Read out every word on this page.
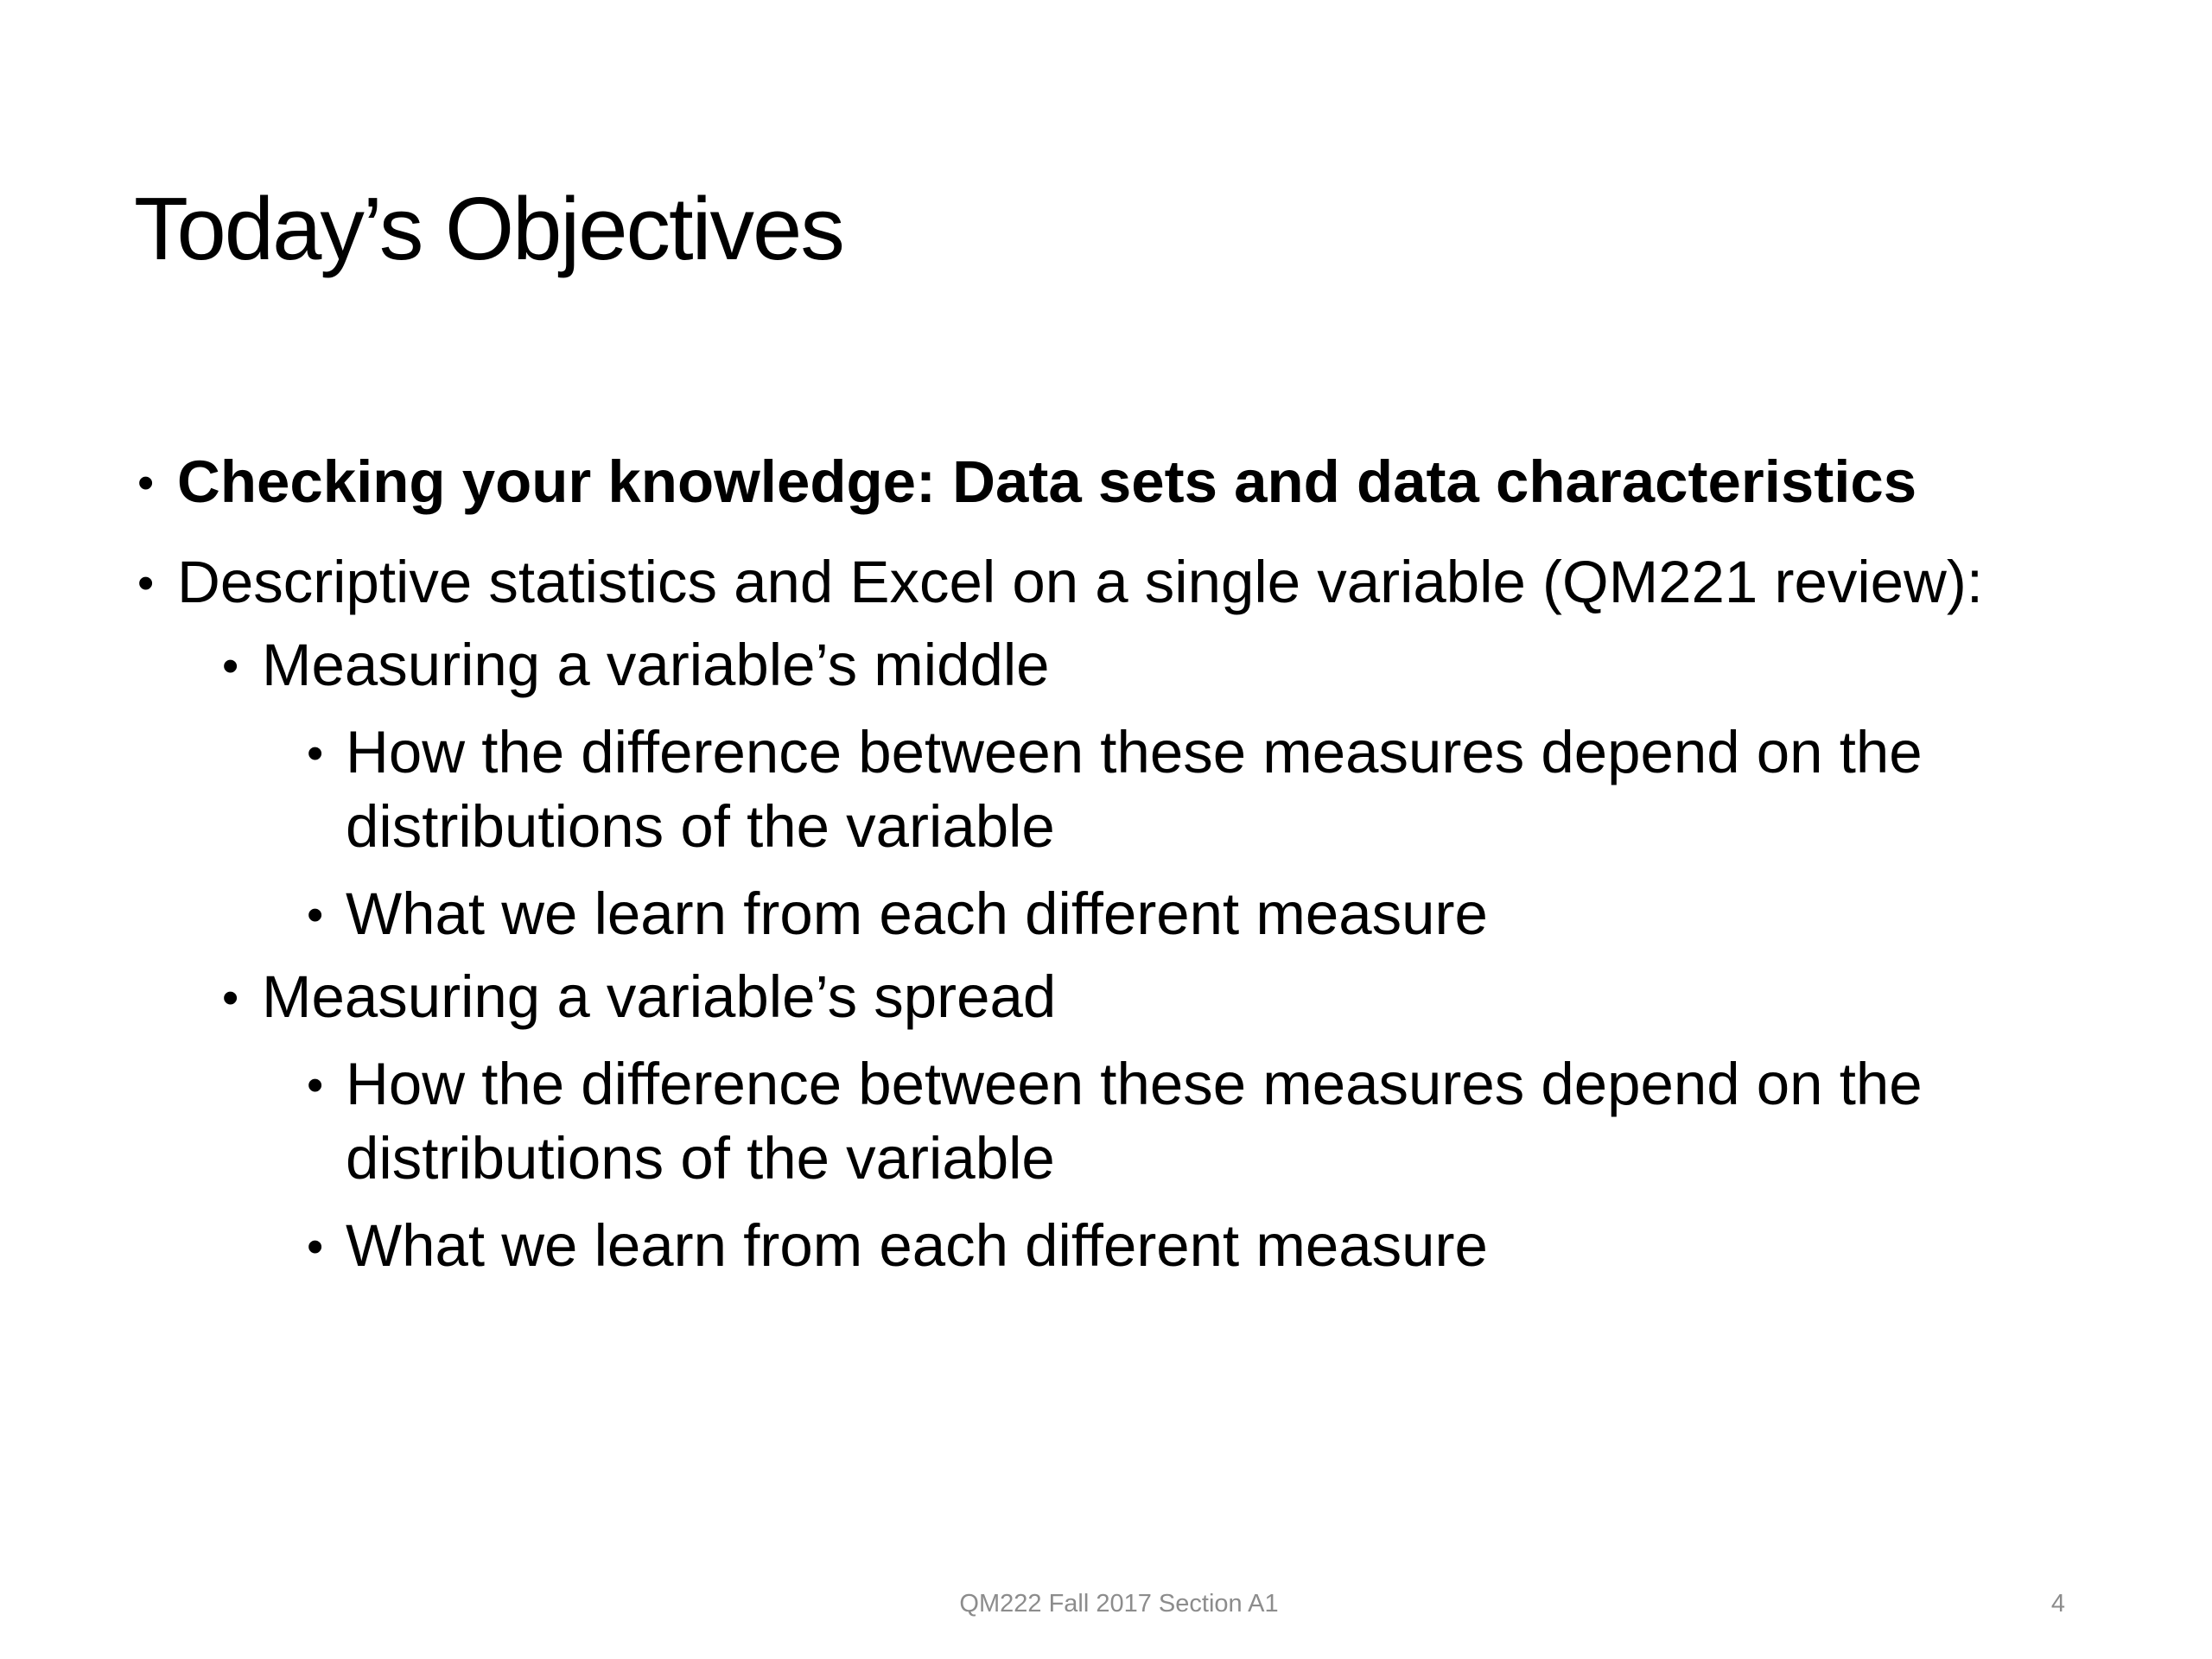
Today’s Objectives
• Checking your knowledge: Data sets and data characteristics
• Descriptive statistics and Excel on a single variable (QM221 review):
• Measuring a variable’s middle
• How the difference between these measures depend on the distributions of the variable
• What we learn from each different measure
• Measuring a variable’s spread
• How the difference between these measures depend on the distributions of the variable
• What we learn from each different measure
QM222 Fall 2017 Section A1	4
